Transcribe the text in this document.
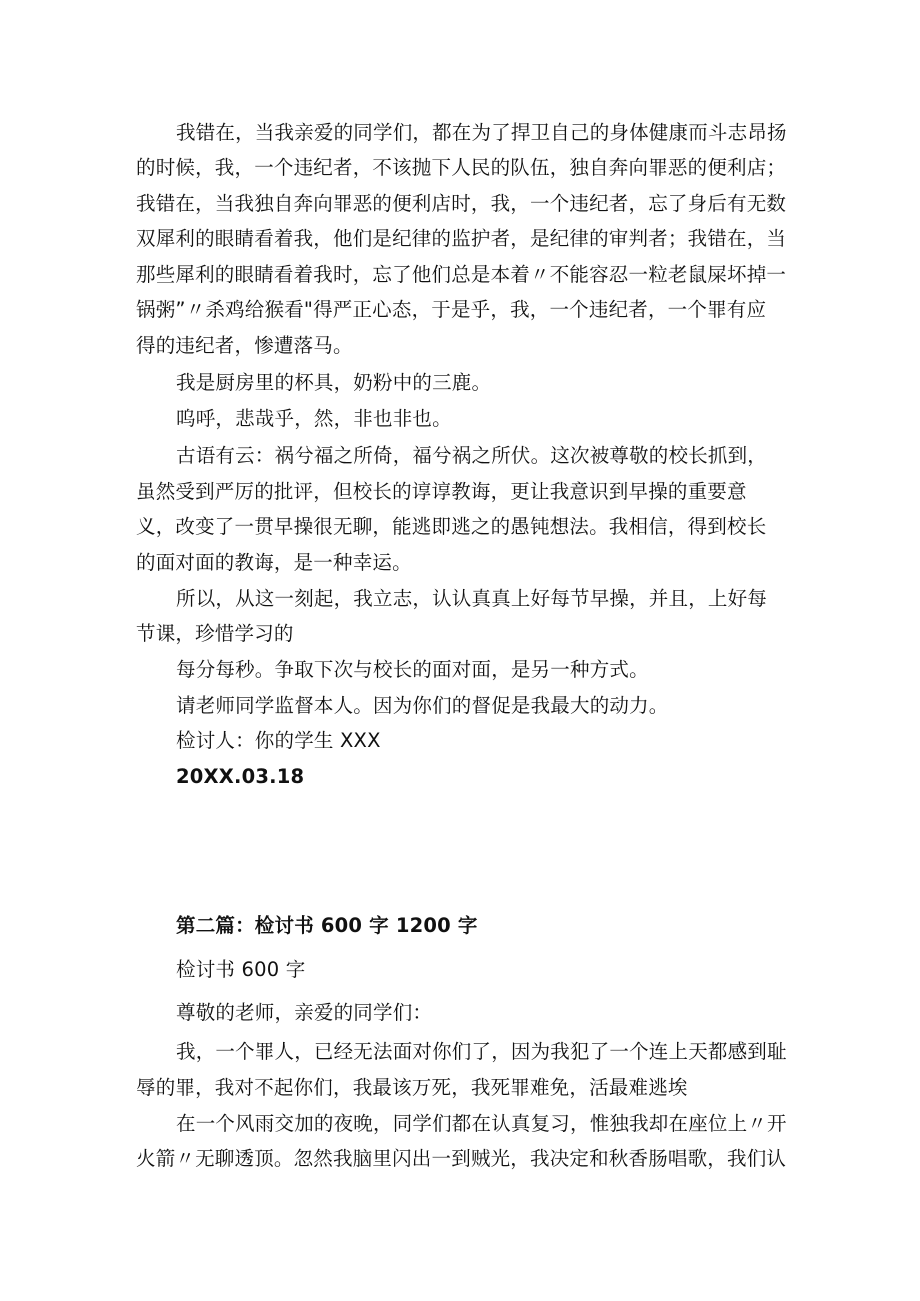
我错在，当我亲爱的同学们，都在为了捍卫自己的身体健康而斗志昂扬
的时候，我，一个违纪者，不该抛下人民的队伍，独自奔向罪恶的便利店；
我错在，当我独自奔向罪恶的便利店时，我，一个违纪者，忘了身后有无数
双犀利的眼睛看着我，他们是纪律的监护者，是纪律的审判者；我错在，当
那些犀利的眼睛看着我时，忘了他们总是本着〃不能容忍一粒老鼠屎坏掉一
锅粥”〃杀鸡给猴看"得严正心态，于是乎，我，一个违纪者，一个罪有应
得的违纪者，惨遭落马。
我是厨房里的杯具，奶粉中的三鹿。
呜呼，悲哉乎，然，非也非也。
古语有云：祸兮福之所倚，福兮祸之所伏。这次被尊敬的校长抓到，
虽然受到严厉的批评，但校长的谆谆教诲，更让我意识到早操的重要意
义，改变了一贯早操很无聊，能逃即逃之的愚钝想法。我相信，得到校长
的面对面的教诲，是一种幸运。
所以，从这一刻起，我立志，认认真真上好每节早操，并且，上好每
节课，珍惜学习的
每分每秒。争取下次与校长的面对面，是另一种方式。
请老师同学监督本人。因为你们的督促是我最大的动力。
检讨人：你的学生 XXX
20XX.03.18
第二篇：检讨书 600 字 1200 字
检讨书 600 字
尊敬的老师，亲爱的同学们：
我，一个罪人，已经无法面对你们了，因为我犯了一个连上天都感到耻
辱的罪，我对不起你们，我最该万死，我死罪难免，活最难逃埃
在一个风雨交加的夜晚，同学们都在认真复习，惟独我却在座位上〃开
火箭〃无聊透顶。忽然我脑里闪出一到贼光，我决定和秋香肠唱歌，我们认
